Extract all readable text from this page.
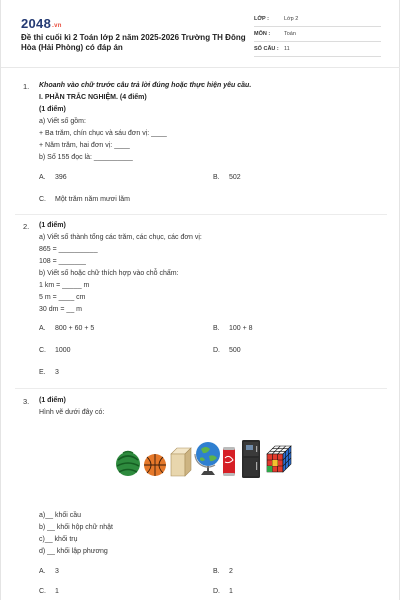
2048.vn
Đề thi cuối kì 2 Toán lớp 2 năm 2025-2026 Trường TH Đông Hòa (Hải Phòng) có đáp án
LỚP :	Lớp 2
MÔN :	Toán
SỐ CÂU : 11
1. Khoanh vào chữ trước câu trả lời đúng hoặc thực hiện yêu cầu.
I. PHẦN TRẮC NGHIỆM. (4 điểm)
(1 điểm)
a) Viết số gồm:
+ Ba trăm, chín chục và sáu đơn vị: ____
+ Năm trăm, hai đơn vị: ____
b) Số 155 đọc là: __________
A. 396	B. 502
C. Một trăm năm mươi lăm
2. (1 điểm)
a) Viết số thành tổng các trăm, các chục, các đơn vị:
865 = __________
108 = _______
b) Viết số hoặc chữ thích hợp vào chỗ chấm:
1 km = _____ m
5 m = ____ cm
30 dm = __ m
A. 800 + 60 + 5	B. 100 + 8
C. 1000	D. 500
E. 3
3. (1 điểm)
Hình vẽ dưới đây có:
a)__ khối cầu
b) __ khối hộp chữ nhật
c)__ khối trụ
d) __ khối lập phương
A. 3	B. 2
C. 1	D. 1
